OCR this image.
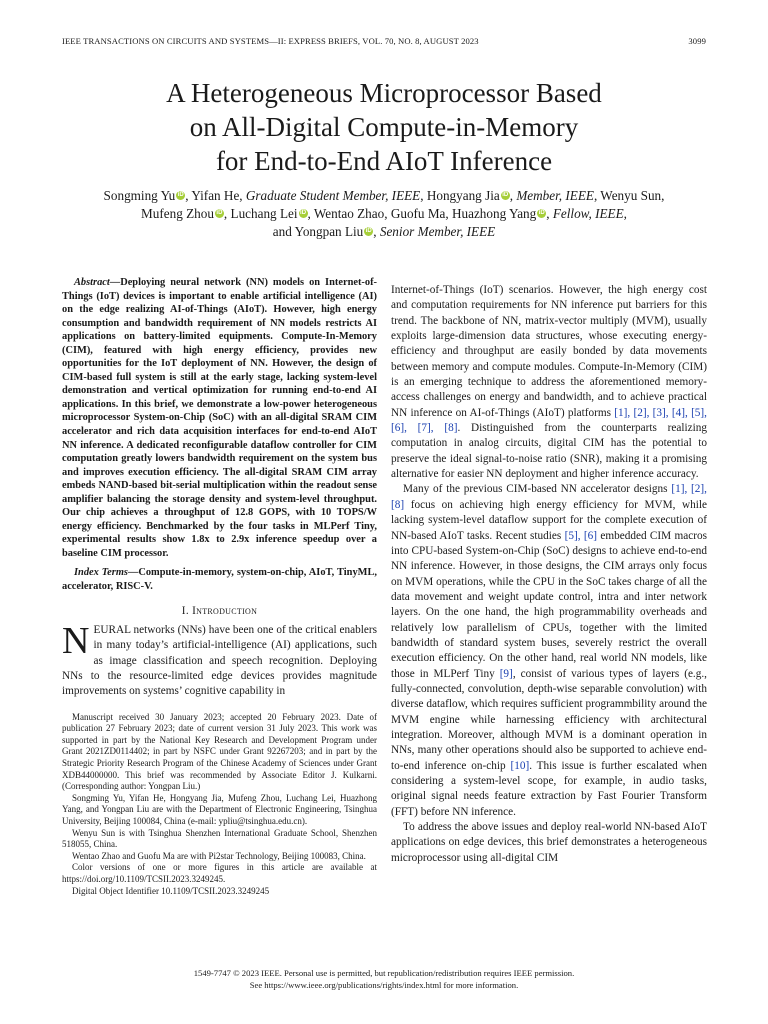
IEEE TRANSACTIONS ON CIRCUITS AND SYSTEMS—II: EXPRESS BRIEFS, VOL. 70, NO. 8, AUGUST 2023	3099
A Heterogeneous Microprocessor Based
on All-Digital Compute-in-Memory
for End-to-End AIoT Inference
Songming Yu iD , Yifan He, Graduate Student Member, IEEE, Hongyang Jia iD , Member, IEEE, Wenyu Sun,
Mufeng Zhou iD , Luchang Lei iD , Wentao Zhao, Guofu Ma, Huazhong Yang iD , Fellow, IEEE,
and Yongpan Liu iD , Senior Member, IEEE

Abstract—Deploying neural network (NN) models on Internet-of-Things (IoT) devices is important to enable artificial intelligence (AI) on the edge realizing AI-of-Things (AIoT). However, high energy consumption and bandwidth requirement of NN models restricts AI applications on battery-limited equipments. Compute-In-Memory (CIM), featured with high energy efficiency, provides new opportunities for the IoT deployment of NN. However, the design of CIM-based full system is still at the early stage, lacking system-level demonstration and vertical optimization for running end-to-end AI applications. In this brief, we demonstrate a low-power heterogeneous microprocessor System-on-Chip (SoC) with an all-digital SRAM CIM accelerator and rich data acquisition interfaces for end-to-end AIoT NN inference. A dedicated reconfigurable dataflow controller for CIM computation greatly lowers bandwidth requirement on the system bus and improves execution efficiency. The all-digital SRAM CIM array embeds NAND-based bit-serial multiplication within the readout sense amplifier balancing the storage density and system-level throughput. Our chip achieves a throughput of 12.8 GOPS, with 10 TOPS/W energy efficiency. Benchmarked by the four tasks in MLPerf Tiny, experimental results show 1.8x to 2.9x inference speedup over a baseline CIM processor.

Index Terms—Compute-in-memory, system-on-chip, AIoT, TinyML, accelerator, RISC-V.

I. Introduction

NEURAL networks (NNs) have been one of the critical enablers in many today’s artificial-intelligence (AI) applications, such as image classification and speech recognition. Deploying NNs to the resource-limited edge devices provides magnitude improvements on systems’ cognitive capability in

Manuscript received 30 January 2023; accepted 20 February 2023. Date of publication 27 February 2023; date of current version 31 July 2023. This work was supported in part by the National Key Research and Development Program under Grant 2021ZD0114402; in part by NSFC under Grant 92267203; and in part by the Strategic Priority Research Program of the Chinese Academy of Sciences under Grant XDB44000000. This brief was recommended by Associate Editor J. Kulkarni. (Corresponding author: Yongpan Liu.)

Songming Yu, Yifan He, Hongyang Jia, Mufeng Zhou, Luchang Lei, Huazhong Yang, and Yongpan Liu are with the Department of Electronic Engineering, Tsinghua University, Beijing 100084, China (e-mail: ypliu@tsinghua.edu.cn).

Wenyu Sun is with Tsinghua Shenzhen International Graduate School, Shenzhen 518055, China.

Wentao Zhao and Guofu Ma are with Pi2star Technology, Beijing 100083, China.

Color versions of one or more figures in this article are available at https://doi.org/10.1109/TCSII.2023.3249245.

Digital Object Identifier 10.1109/TCSII.2023.3249245

Internet-of-Things (IoT) scenarios. However, the high energy cost and computation requirements for NN inference put barriers for this trend. The backbone of NN, matrix-vector multiply (MVM), usually exploits large-dimension data structures, whose executing energy-efficiency and throughput are easily bonded by data movements between memory and compute modules. Compute-In-Memory (CIM) is an emerging technique to address the aforementioned memory-access challenges on energy and bandwidth, and to achieve practical NN inference on AI-of-Things (AIoT) platforms [1], [2], [3], [4], [5], [6], [7], [8]. Distinguished from the counterparts realizing computation in analog circuits, digital CIM has the potential to preserve the ideal signal-to-noise ratio (SNR), making it a promising alternative for easier NN deployment and higher inference accuracy.

Many of the previous CIM-based NN accelerator designs [1], [2], [8] focus on achieving high energy efficiency for MVM, while lacking system-level dataflow support for the complete execution of NN-based AIoT tasks. Recent studies [5], [6] embedded CIM macros into CPU-based System-on-Chip (SoC) designs to achieve end-to-end NN inference. However, in those designs, the CIM arrays only focus on MVM operations, while the CPU in the SoC takes charge of all the data movement and weight update control, intra and inter network layers. On the one hand, the high programmability overheads and relatively low parallelism of CPUs, together with the limited bandwidth of standard system buses, severely restrict the overall execution efficiency. On the other hand, real world NN models, like those in MLPerf Tiny [9], consist of various types of layers (e.g., fully-connected, convolution, depth-wise separable convolution) with diverse dataflow, which requires sufficient programmbility around the MVM engine while harnessing efficiency with architectural integration. Moreover, although MVM is a dominant operation in NNs, many other operations should also be supported to achieve end-to-end inference on-chip [10]. This issue is further escalated when considering a system-level scope, for example, in audio tasks, original signal needs feature extraction by Fast Fourier Transform (FFT) before NN inference.

To address the above issues and deploy real-world NN-based AIoT applications on edge devices, this brief demonstrates a heterogeneous microprocessor using all-digital CIM

1549-7747 © 2023 IEEE. Personal use is permitted, but republication/redistribution requires IEEE permission.
See https://www.ieee.org/publications/rights/index.html for more information.
